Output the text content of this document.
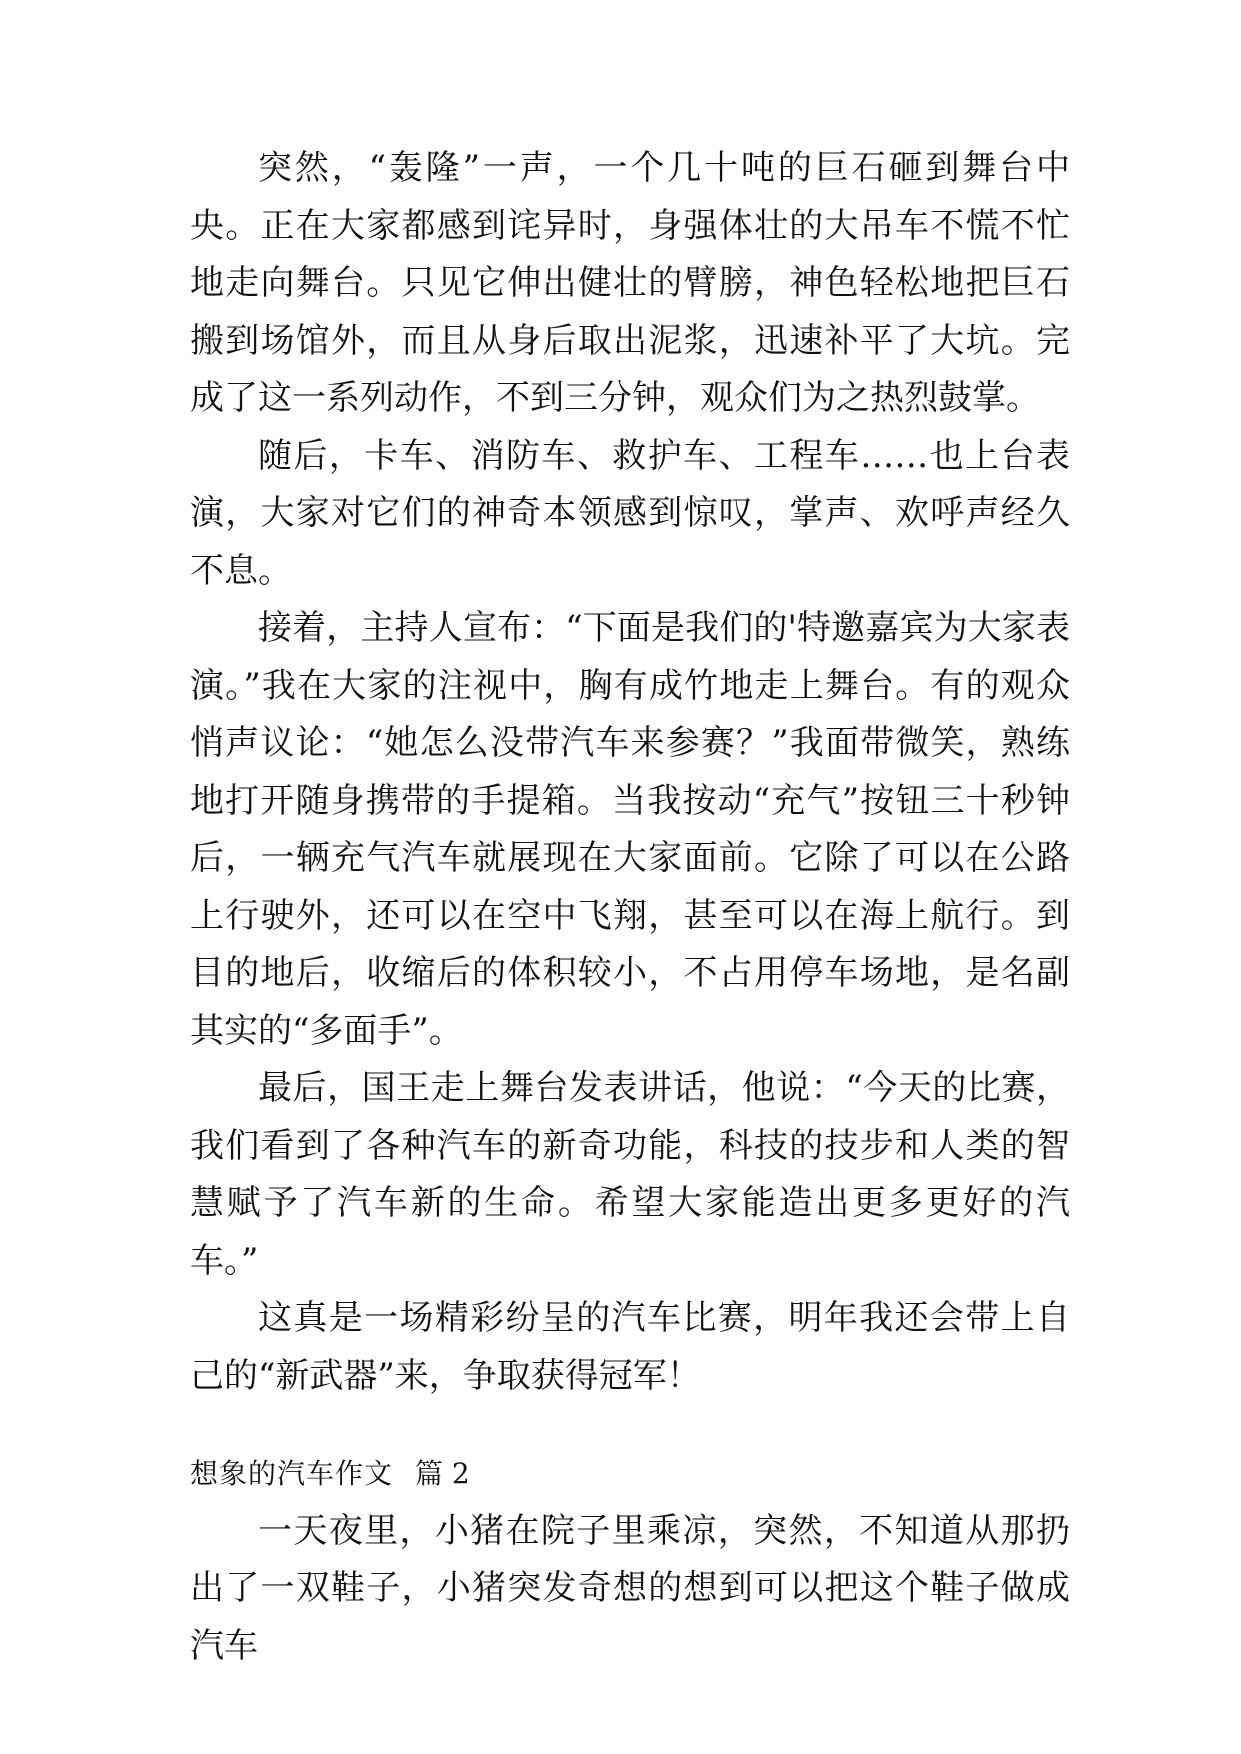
突然，“轰隆”一声，一个几十吨的巨石砸到舞台中央。正在大家都感到诧异时，身强体壮的大吊车不慌不忙地走向舞台。只见它伸出健壮的臂膀，神色轻松地把巨石搬到场馆外，而且从身后取出泥浆，迅速补平了大坑。完成了这一系列动作，不到三分钟，观众们为之热烈鼓掌。

随后，卡车、消防车、救护车、工程车……也上台表演，大家对它们的神奇本领感到惊叹，掌声、欢呼声经久不息。

接着，主持人宣布：“下面是我们的'特邀嘉宾为大家表演。”我在大家的注视中，胸有成竹地走上舞台。有的观众悄声议论：“她怎么没带汽车来参赛？”我面带微笑，熟练地打开随身携带的手提箱。当我按动“充气”按钮三十秒钟后，一辆充气汽车就展现在大家面前。它除了可以在公路上行驶外，还可以在空中飞翔，甚至可以在海上航行。到目的地后，收缩后的体积较小，不占用停车场地，是名副其实的“多面手”。

最后，国王走上舞台发表讲话，他说：“今天的比赛，我们看到了各种汽车的新奇功能，科技的技步和人类的智慧赋予了汽车新的生命。希望大家能造出更多更好的汽车。”

这真是一场精彩纷呈的汽车比赛，明年我还会带上自己的“新武器”来，争取获得冠军！

想象的汽车作文 篇 2

一天夜里，小猪在院子里乘凉，突然，不知道从那扔出了一双鞋子，小猪突发奇想的想到可以把这个鞋子做成汽车
